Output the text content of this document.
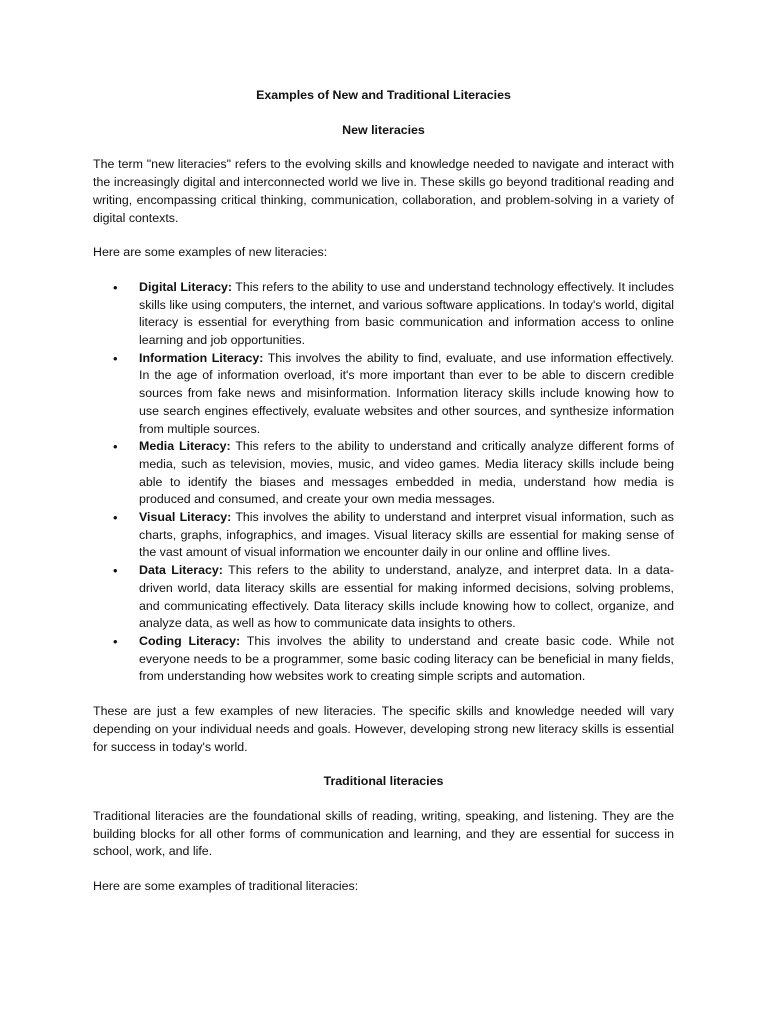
Examples of New and Traditional Literacies
New literacies

The term "new literacies" refers to the evolving skills and knowledge needed to navigate and interact with the increasingly digital and interconnected world we live in. These skills go beyond traditional reading and writing, encompassing critical thinking, communication, collaboration, and problem-solving in a variety of digital contexts.

Here are some examples of new literacies:

• Digital Literacy: This refers to the ability to use and understand technology effectively. It includes skills like using computers, the internet, and various software applications. In today's world, digital literacy is essential for everything from basic communication and information access to online learning and job opportunities.
• Information Literacy: This involves the ability to find, evaluate, and use information effectively. In the age of information overload, it's more important than ever to be able to discern credible sources from fake news and misinformation. Information literacy skills include knowing how to use search engines effectively, evaluate websites and other sources, and synthesize information from multiple sources.
• Media Literacy: This refers to the ability to understand and critically analyze different forms of media, such as television, movies, music, and video games. Media literacy skills include being able to identify the biases and messages embedded in media, understand how media is produced and consumed, and create your own media messages.
• Visual Literacy: This involves the ability to understand and interpret visual information, such as charts, graphs, infographics, and images. Visual literacy skills are essential for making sense of the vast amount of visual information we encounter daily in our online and offline lives.
• Data Literacy: This refers to the ability to understand, analyze, and interpret data. In a data-driven world, data literacy skills are essential for making informed decisions, solving problems, and communicating effectively. Data literacy skills include knowing how to collect, organize, and analyze data, as well as how to communicate data insights to others.
• Coding Literacy: This involves the ability to understand and create basic code. While not everyone needs to be a programmer, some basic coding literacy can be beneficial in many fields, from understanding how websites work to creating simple scripts and automation.

These are just a few examples of new literacies. The specific skills and knowledge needed will vary depending on your individual needs and goals. However, developing strong new literacy skills is essential for success in today's world.

Traditional literacies

Traditional literacies are the foundational skills of reading, writing, speaking, and listening. They are the building blocks for all other forms of communication and learning, and they are essential for success in school, work, and life.

Here are some examples of traditional literacies:
